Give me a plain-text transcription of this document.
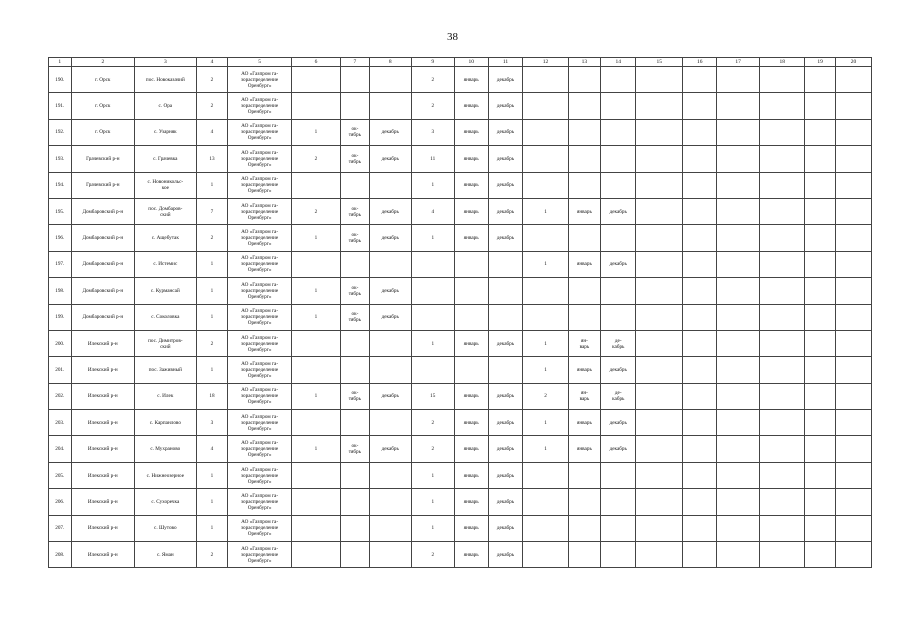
38
1	2	3	4	5	6	7	8	9	10	11	12	13	14	15	16	17	18	19	20
190.	г. Орск	пос. Новоказачий	2	АО «Газпром га-
зораспределение
Оренбург»				2	январь	декабрь									
191.	г. Орск	с. Ора	2	АО «Газпром га-
зораспределение
Оренбург»				2	январь	декабрь									
192.	г. Орск	с. Узарняк	4	АО «Газпром га-
зораспределение
Оренбург»	1	ок-
тябрь	декабрь	3	январь	декабрь									
193.	Грачевский р-н	с. Грачевка	13	АО «Газпром га-
зораспределение
Оренбург»	2	ок-
тябрь	декабрь	11	январь	декабрь									
194.	Грачевский р-н	с. Новоникольс-
кое	1	АО «Газпром га-
зораспределение
Оренбург»				1	январь	декабрь									
195.	Домбаровский р-н	пос. Домбаров-
ский	7	АО «Газпром га-
зораспределение
Оренбург»	2	ок-
тябрь	декабрь	4	январь	декабрь	1	январь	декабрь						
196.	Домбаровский р-н	с. Ащебутак	2	АО «Газпром га-
зораспределение
Оренбург»	1	ок-
тябрь	декабрь	1	январь	декабрь									
197.	Домбаровский р-н	с. Истемис	1	АО «Газпром га-
зораспределение
Оренбург»							1	январь	декабрь						
198.	Домбаровский р-н	с. Курмансай	1	АО «Газпром га-
зораспределение
Оренбург»	1	ок-
тябрь	декабрь												
199.	Домбаровский р-н	с. Соколовка	1	АО «Газпром га-
зораспределение
Оренбург»	1	ок-
тябрь	декабрь												
200.	Илекский р-н	пос. Димитров-
ский	2	АО «Газпром га-
зораспределение
Оренбург»				1	январь	декабрь	1	ян-
варь	де-
кабрь						
201.	Илекский р-н	пос. Заживный	1	АО «Газпром га-
зораспределение
Оренбург»							1	январь	декабрь						
202.	Илекский р-н	с. Илек	18	АО «Газпром га-
зораспределение
Оренбург»	1	ок-
тябрь	декабрь	15	январь	декабрь	2	ян-
варь	де-
кабрь						
203.	Илекский р-н	с. Карпанлово	3	АО «Газпром га-
зораспределение
Оренбург»				2	январь	декабрь	1	январь	декабрь						
204.	Илекский р-н	с. Мухраново	4	АО «Газпром га-
зораспределение
Оренбург»	1	ок-
тябрь	декабрь	2	январь	декабрь	1	январь	декабрь						
205.	Илекский р-н	с. Нижнеозерное	1	АО «Газпром га-
зораспределение
Оренбург»				1	январь	декабрь									
206.	Илекский р-н	с. Сухоречка	1	АО «Газпром га-
зораспределение
Оренбург»				1	январь	декабрь									
207.	Илекский р-н	с. Шутово	1	АО «Газпром га-
зораспределение
Оренбург»				1	январь	декабрь									
208.	Илекский р-н	с. Яман	2	АО «Газпром га-
зораспределение
Оренбург»				2	январь	декабрь									
